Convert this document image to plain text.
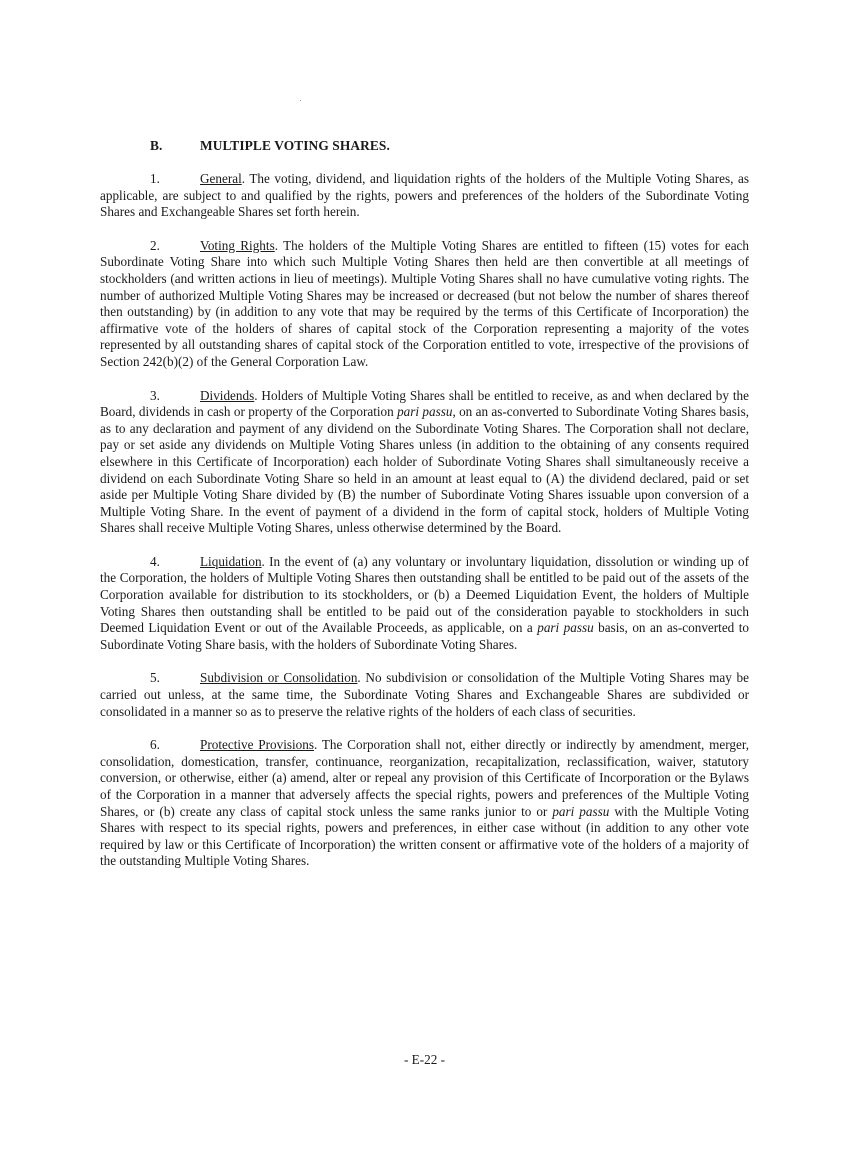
B.	MULTIPLE VOTING SHARES.

1.	General. The voting, dividend, and liquidation rights of the holders of the Multiple Voting Shares, as applicable, are subject to and qualified by the rights, powers and preferences of the holders of the Subordinate Voting Shares and Exchangeable Shares set forth herein.

2.	Voting Rights. The holders of the Multiple Voting Shares are entitled to fifteen (15) votes for each Subordinate Voting Share into which such Multiple Voting Shares then held are then convertible at all meetings of stockholders (and written actions in lieu of meetings). Multiple Voting Shares shall no have cumulative voting rights. The number of authorized Multiple Voting Shares may be increased or decreased (but not below the number of shares thereof then outstanding) by (in addition to any vote that may be required by the terms of this Certificate of Incorporation) the affirmative vote of the holders of shares of capital stock of the Corporation representing a majority of the votes represented by all outstanding shares of capital stock of the Corporation entitled to vote, irrespective of the provisions of Section 242(b)(2) of the General Corporation Law.

3.	Dividends. Holders of Multiple Voting Shares shall be entitled to receive, as and when declared by the Board, dividends in cash or property of the Corporation pari passu, on an as-converted to Subordinate Voting Shares basis, as to any declaration and payment of any dividend on the Subordinate Voting Shares. The Corporation shall not declare, pay or set aside any dividends on Multiple Voting Shares unless (in addition to the obtaining of any consents required elsewhere in this Certificate of Incorporation) each holder of Subordinate Voting Shares shall simultaneously receive a dividend on each Subordinate Voting Share so held in an amount at least equal to (A) the dividend declared, paid or set aside per Multiple Voting Share divided by (B) the number of Subordinate Voting Shares issuable upon conversion of a Multiple Voting Share. In the event of payment of a dividend in the form of capital stock, holders of Multiple Voting Shares shall receive Multiple Voting Shares, unless otherwise determined by the Board.

4.	Liquidation. In the event of (a) any voluntary or involuntary liquidation, dissolution or winding up of the Corporation, the holders of Multiple Voting Shares then outstanding shall be entitled to be paid out of the assets of the Corporation available for distribution to its stockholders, or (b) a Deemed Liquidation Event, the holders of Multiple Voting Shares then outstanding shall be entitled to be paid out of the consideration payable to stockholders in such Deemed Liquidation Event or out of the Available Proceeds, as applicable, on a pari passu basis, on an as-converted to Subordinate Voting Share basis, with the holders of Subordinate Voting Shares.

5.	Subdivision or Consolidation. No subdivision or consolidation of the Multiple Voting Shares may be carried out unless, at the same time, the Subordinate Voting Shares and Exchangeable Shares are subdivided or consolidated in a manner so as to preserve the relative rights of the holders of each class of securities.

6.	Protective Provisions. The Corporation shall not, either directly or indirectly by amendment, merger, consolidation, domestication, transfer, continuance, reorganization, recapitalization, reclassification, waiver, statutory conversion, or otherwise, either (a) amend, alter or repeal any provision of this Certificate of Incorporation or the Bylaws of the Corporation in a manner that adversely affects the special rights, powers and preferences of the Multiple Voting Shares, or (b) create any class of capital stock unless the same ranks junior to or pari passu with the Multiple Voting Shares with respect to its special rights, powers and preferences, in either case without (in addition to any other vote required by law or this Certificate of Incorporation) the written consent or affirmative vote of the holders of a majority of the outstanding Multiple Voting Shares.

- E-22 -
